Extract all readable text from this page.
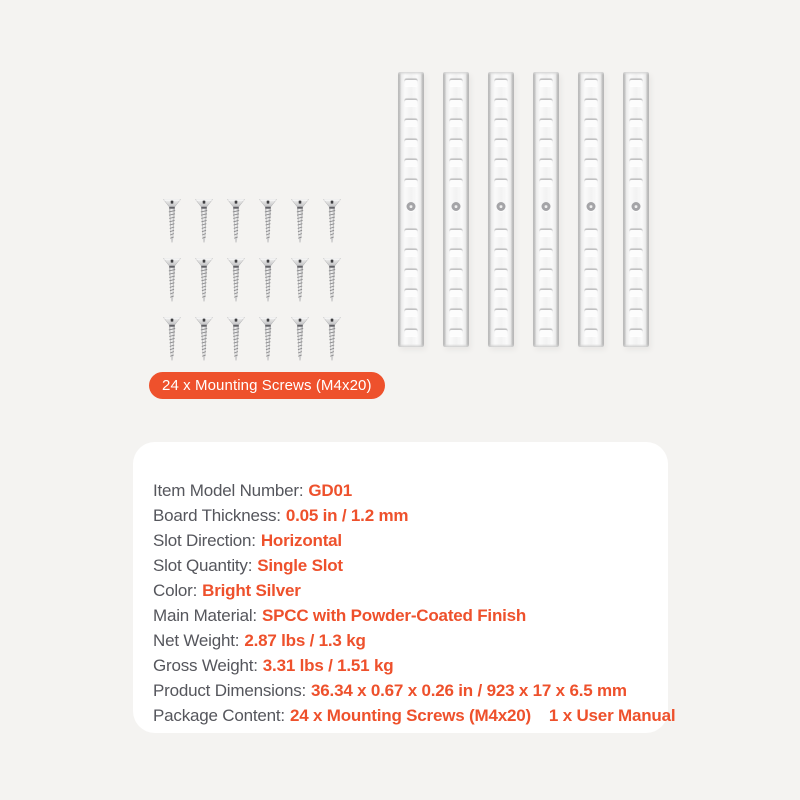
24 x Mounting Screws (M4x20)
Item Model Number: GD01
Board Thickness: 0.05 in / 1.2 mm
Slot Direction: Horizontal
Slot Quantity: Single Slot
Color: Bright Silver
Main Material: SPCC with Powder-Coated Finish
Net Weight: 2.87 lbs / 1.3 kg
Gross Weight: 3.31 lbs / 1.51 kg
Product Dimensions: 36.34 x 0.67 x 0.26 in / 923 x 17 x 6.5 mm
Package Content: 24 x Mounting Screws (M4x20) 1 x User Manual
